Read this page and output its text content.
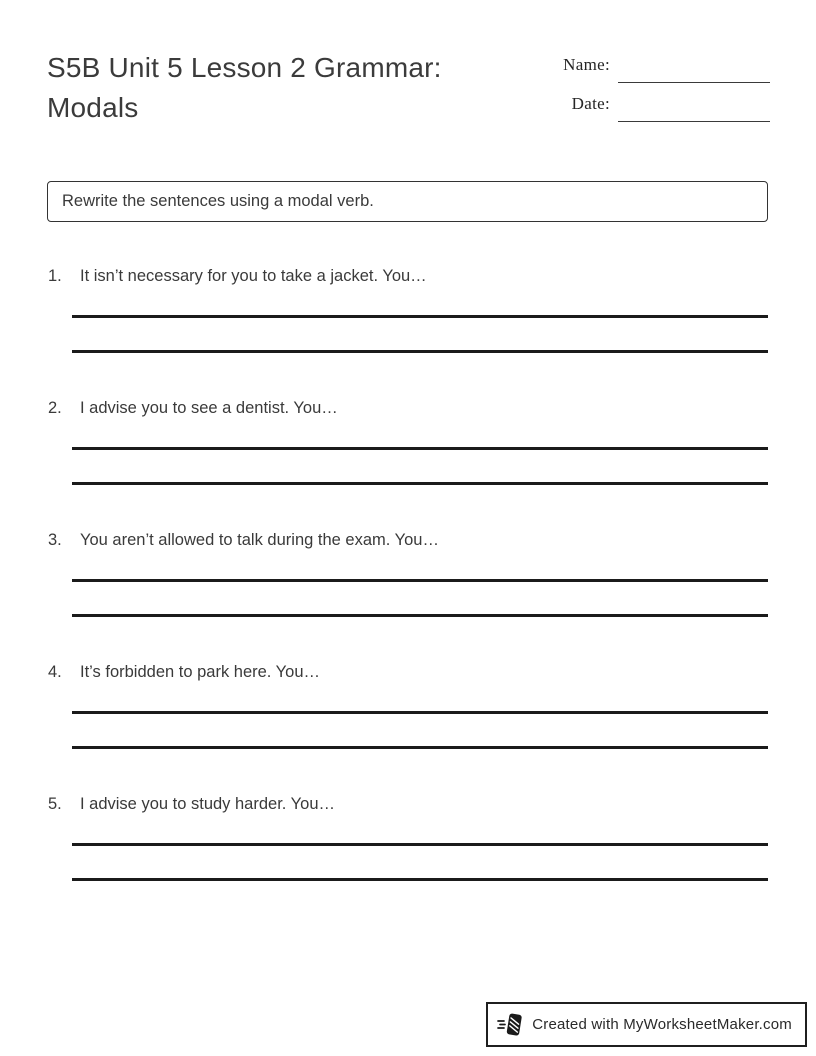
S5B Unit 5 Lesson 2 Grammar:
Modals
Name:
Date:
Rewrite the sentences using a modal verb.
1.	It isn’t necessary for you to take a jacket. You…
2.	I advise you to see a dentist. You…
3.	You aren’t allowed to talk during the exam. You…
4.	It’s forbidden to park here. You…
5.	I advise you to study harder. You…
Created with MyWorksheetMaker.com
